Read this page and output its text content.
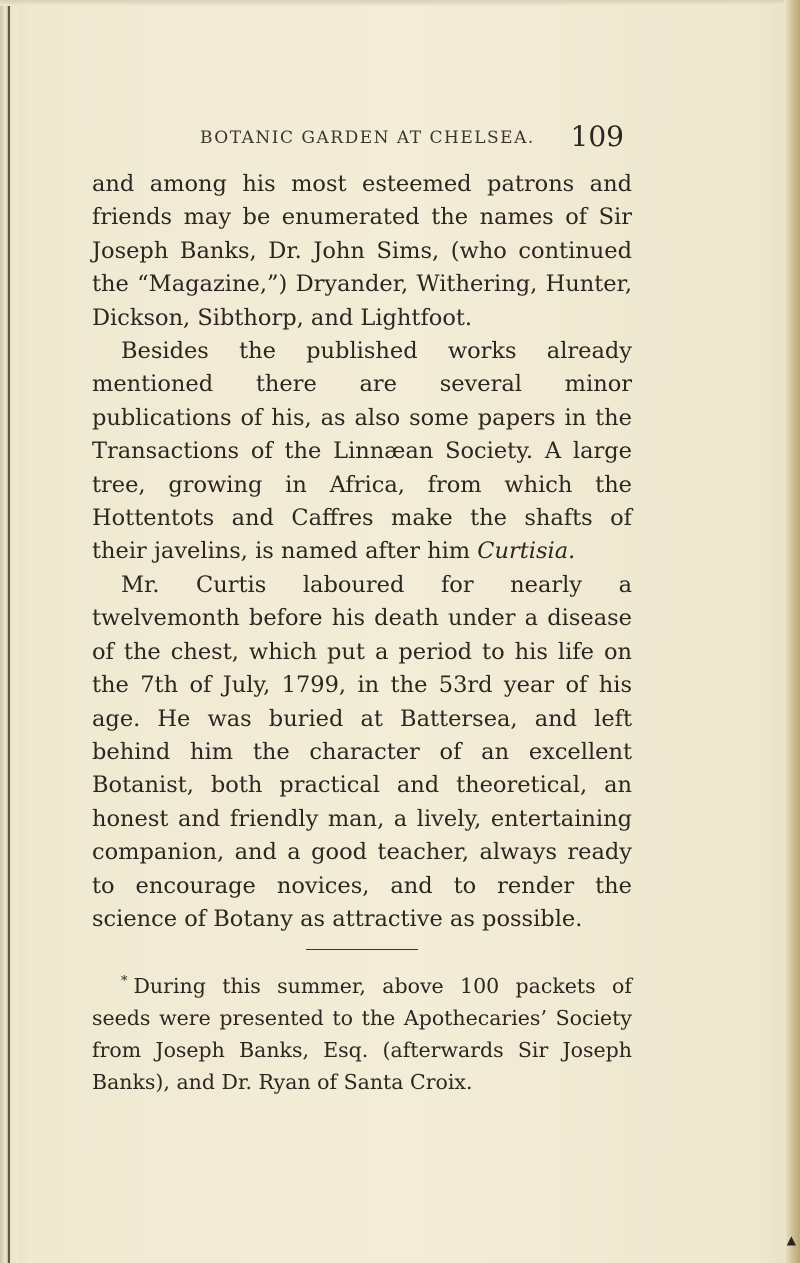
BOTANIC GARDEN AT CHELSEA. 109

and among his most esteemed patrons and friends may be enumerated the names of Sir Joseph Banks, Dr. John Sims, (who continued the “Magazine,”) Dryander, Withering, Hunter, Dickson, Sibthorp, and Lightfoot.

Besides the published works already mentioned there are several minor publications of his, as also some papers in the Transactions of the Linnæan Society. A large tree, growing in Africa, from which the Hottentots and Caffres make the shafts of their javelins, is named after him Curtisia.

Mr. Curtis laboured for nearly a twelvemonth before his death under a disease of the chest, which put a period to his life on the 7th of July, 1799, in the 53rd year of his age. He was buried at Battersea, and left behind him the character of an excellent Botanist, both practical and theoretical, an honest and friendly man, a lively, entertaining companion, and a good teacher, always ready to encourage novices, and to render the science of Botany as attractive as possible.

* During this summer, above 100 packets of seeds were presented to the Apothecaries’ Society from Joseph Banks, Esq. (afterwards Sir Joseph Banks), and Dr. Ryan of Santa Croix.

▲
